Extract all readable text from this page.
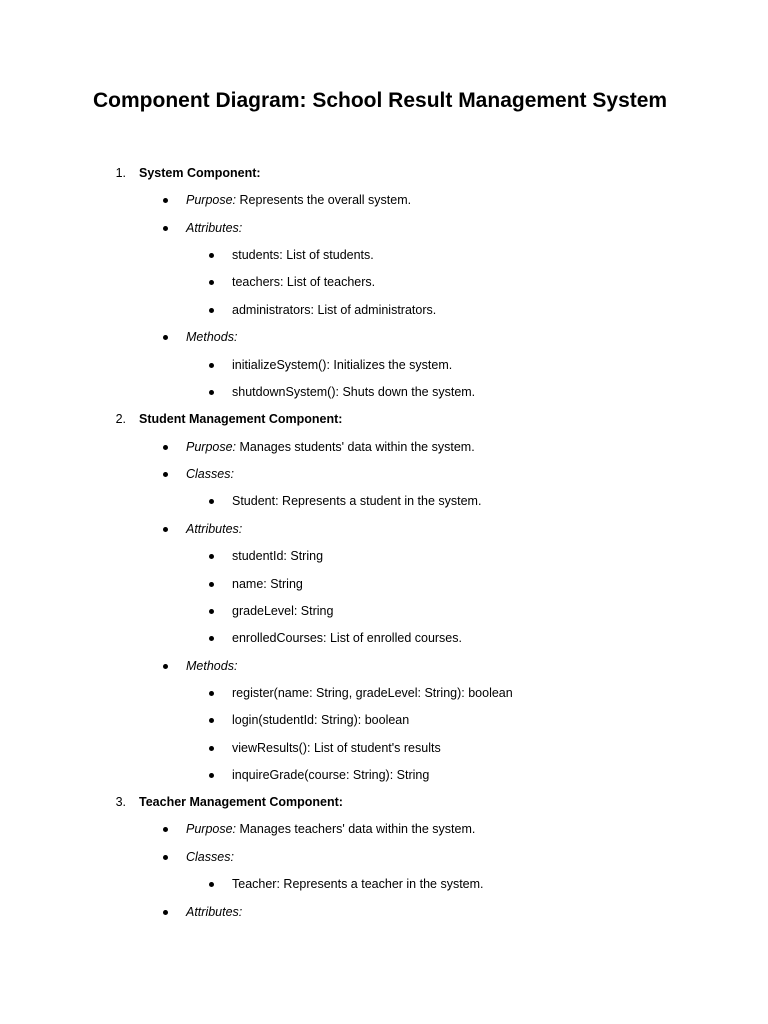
Component Diagram: School Result Management System
1. System Component:
Purpose: Represents the overall system.
Attributes:
students: List of students.
teachers: List of teachers.
administrators: List of administrators.
Methods:
initializeSystem(): Initializes the system.
shutdownSystem(): Shuts down the system.
2. Student Management Component:
Purpose: Manages students' data within the system.
Classes:
Student: Represents a student in the system.
Attributes:
studentId: String
name: String
gradeLevel: String
enrolledCourses: List of enrolled courses.
Methods:
register(name: String, gradeLevel: String): boolean
login(studentId: String): boolean
viewResults(): List of student's results
inquireGrade(course: String): String
3. Teacher Management Component:
Purpose: Manages teachers' data within the system.
Classes:
Teacher: Represents a teacher in the system.
Attributes:
